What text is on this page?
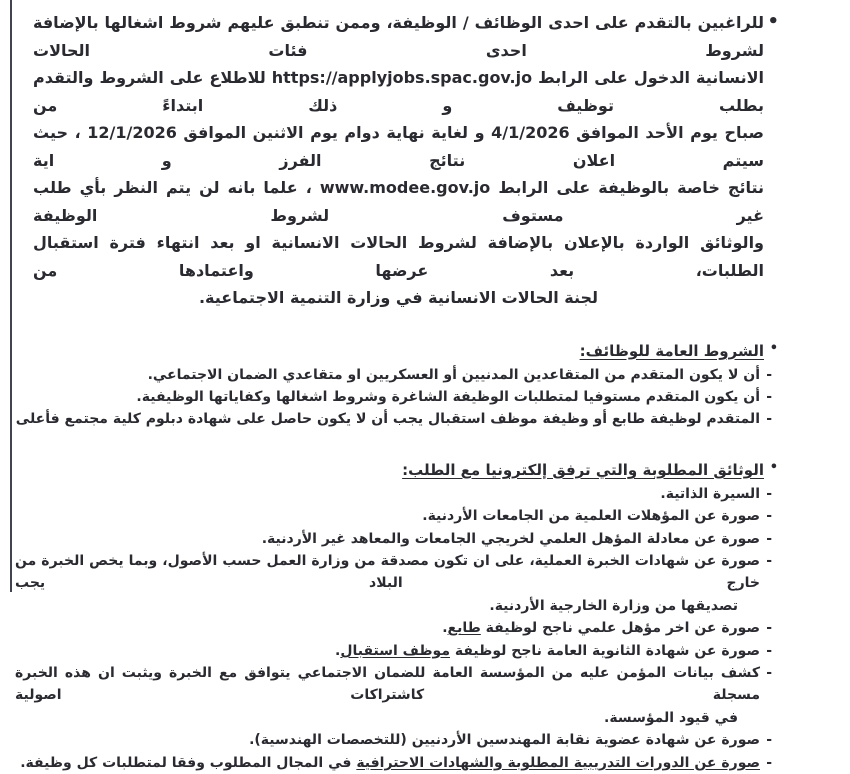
•
للراغبين بالتقدم على احدى الوظائف / الوظيفة، وممن تنطبق عليهم شروط اشغالها بالإضافة لشروط احدى فئات الحالات
الانسانية الدخول على الرابط https://applyjobs.spac.gov.jo للاطلاع على الشروط والتقدم بطلب توظيف و ذلك ابتداءً من
صباح يوم الأحد الموافق 4/1/2026 و لغاية نهاية دوام يوم الاثنين الموافق 12/1/2026 ، حيث سيتم اعلان نتائج الفرز و اية
نتائج خاصة بالوظيفة على الرابط www.modee.gov.jo ، علما بانه لن يتم النظر بأي طلب غير مستوف لشروط الوظيفة
والوثائق الواردة بالإعلان بالإضافة لشروط الحالات الانسانية او بعد انتهاء فترة استقبال الطلبات، بعد عرضها واعتمادها من
لجنة الحالات الانسانية في وزارة التنمية الاجتماعية.
•
الشروط العامة للوظائف:
-
أن لا يكون المتقدم من المتقاعدين المدنيين أو العسكريين او متقاعدي الضمان الاجتماعي.
-
أن يكون المتقدم مستوفيا لمتطلبات الوظيفة الشاغرة وشروط اشغالها وكفاياتها الوظيفية.
-
المتقدم لوظيفة طابع أو وظيفة موظف استقبال يجب أن لا يكون حاصل على شهادة دبلوم كلية مجتمع فأعلى
•
الوثائق المطلوبة والتي ترفق إلكترونيا مع الطلب:
-
السيرة الذاتية.
-
صورة عن المؤهلات العلمية من الجامعات الأردنية.
-
صورة عن معادلة المؤهل العلمي لخريجي الجامعات والمعاهد غير الأردنية.
-
صورة عن شهادات الخبرة العملية، على ان تكون مصدقة من وزارة العمل حسب الأصول، وبما يخص الخبرة من خارج البلاد يجب
تصديقها من وزارة الخارجية الأردنية.
-
صورة عن اخر مؤهل علمي ناجح لوظيفة طابع.
-
صورة عن شهادة الثانوية العامة ناجح لوظيفة موظف استقبال.
-
كشف بيانات المؤمن عليه من المؤسسة العامة للضمان الاجتماعي يتوافق مع الخبرة ويثبت ان هذه الخبرة مسجلة كاشتراكات اصولية
في قيود المؤسسة.
-
صورة عن شهادة عضوية نقابة المهندسين الأردنيين (للتخصصات الهندسية).
-
صورة عن الدورات التدريبية المطلوبة والشهادات الاحترافية في المجال المطلوب وفقا لمتطلبات كل وظيفة.
